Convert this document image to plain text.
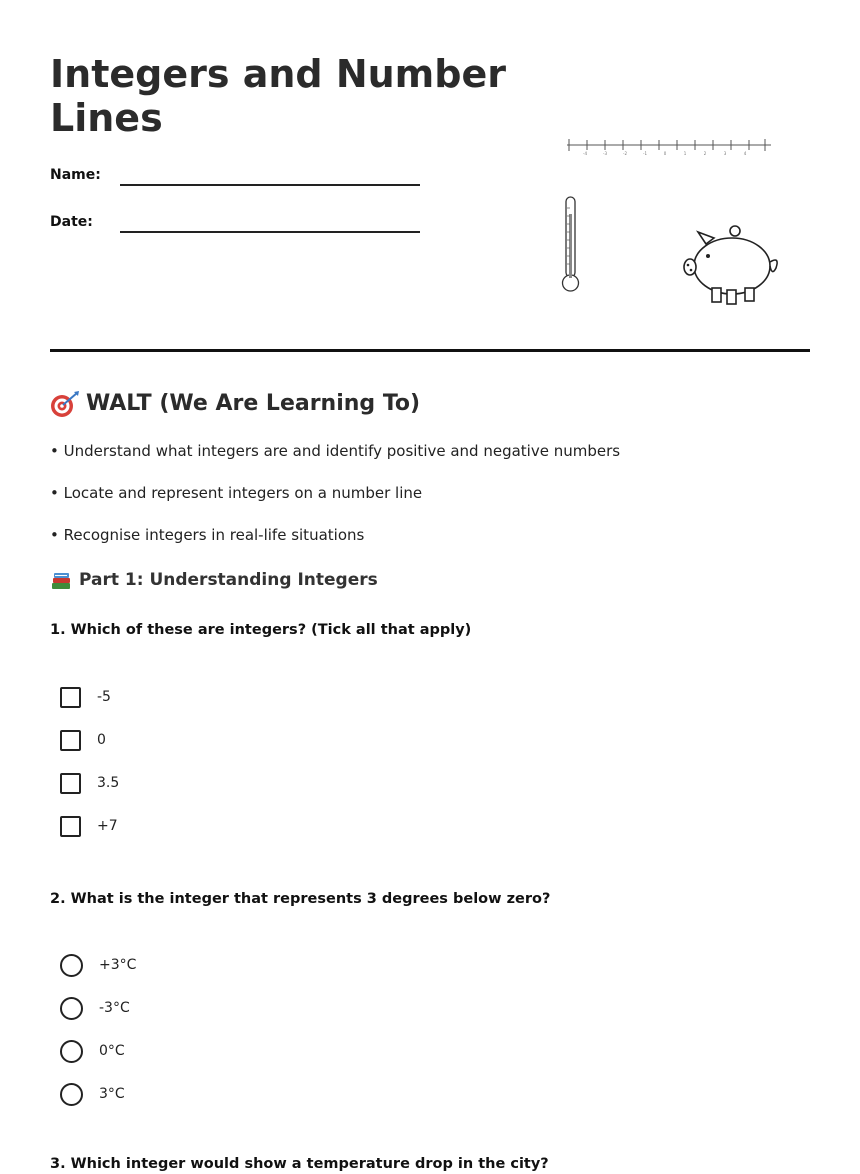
Integers and Number Lines
Name:
Date:
-4	-3	-2	-1	0	1	2	3	4
WALT (We Are Learning To)
• Understand what integers are and identify positive and negative numbers
• Locate and represent integers on a number line
• Recognise integers in real-life situations
Part 1: Understanding Integers
1. Which of these are integers? (Tick all that apply)
-5
0
3.5
+7
2. What is the integer that represents 3 degrees below zero?
+3°C
-3°C
0°C
3°C
3. Which integer would show a temperature drop in the city?
